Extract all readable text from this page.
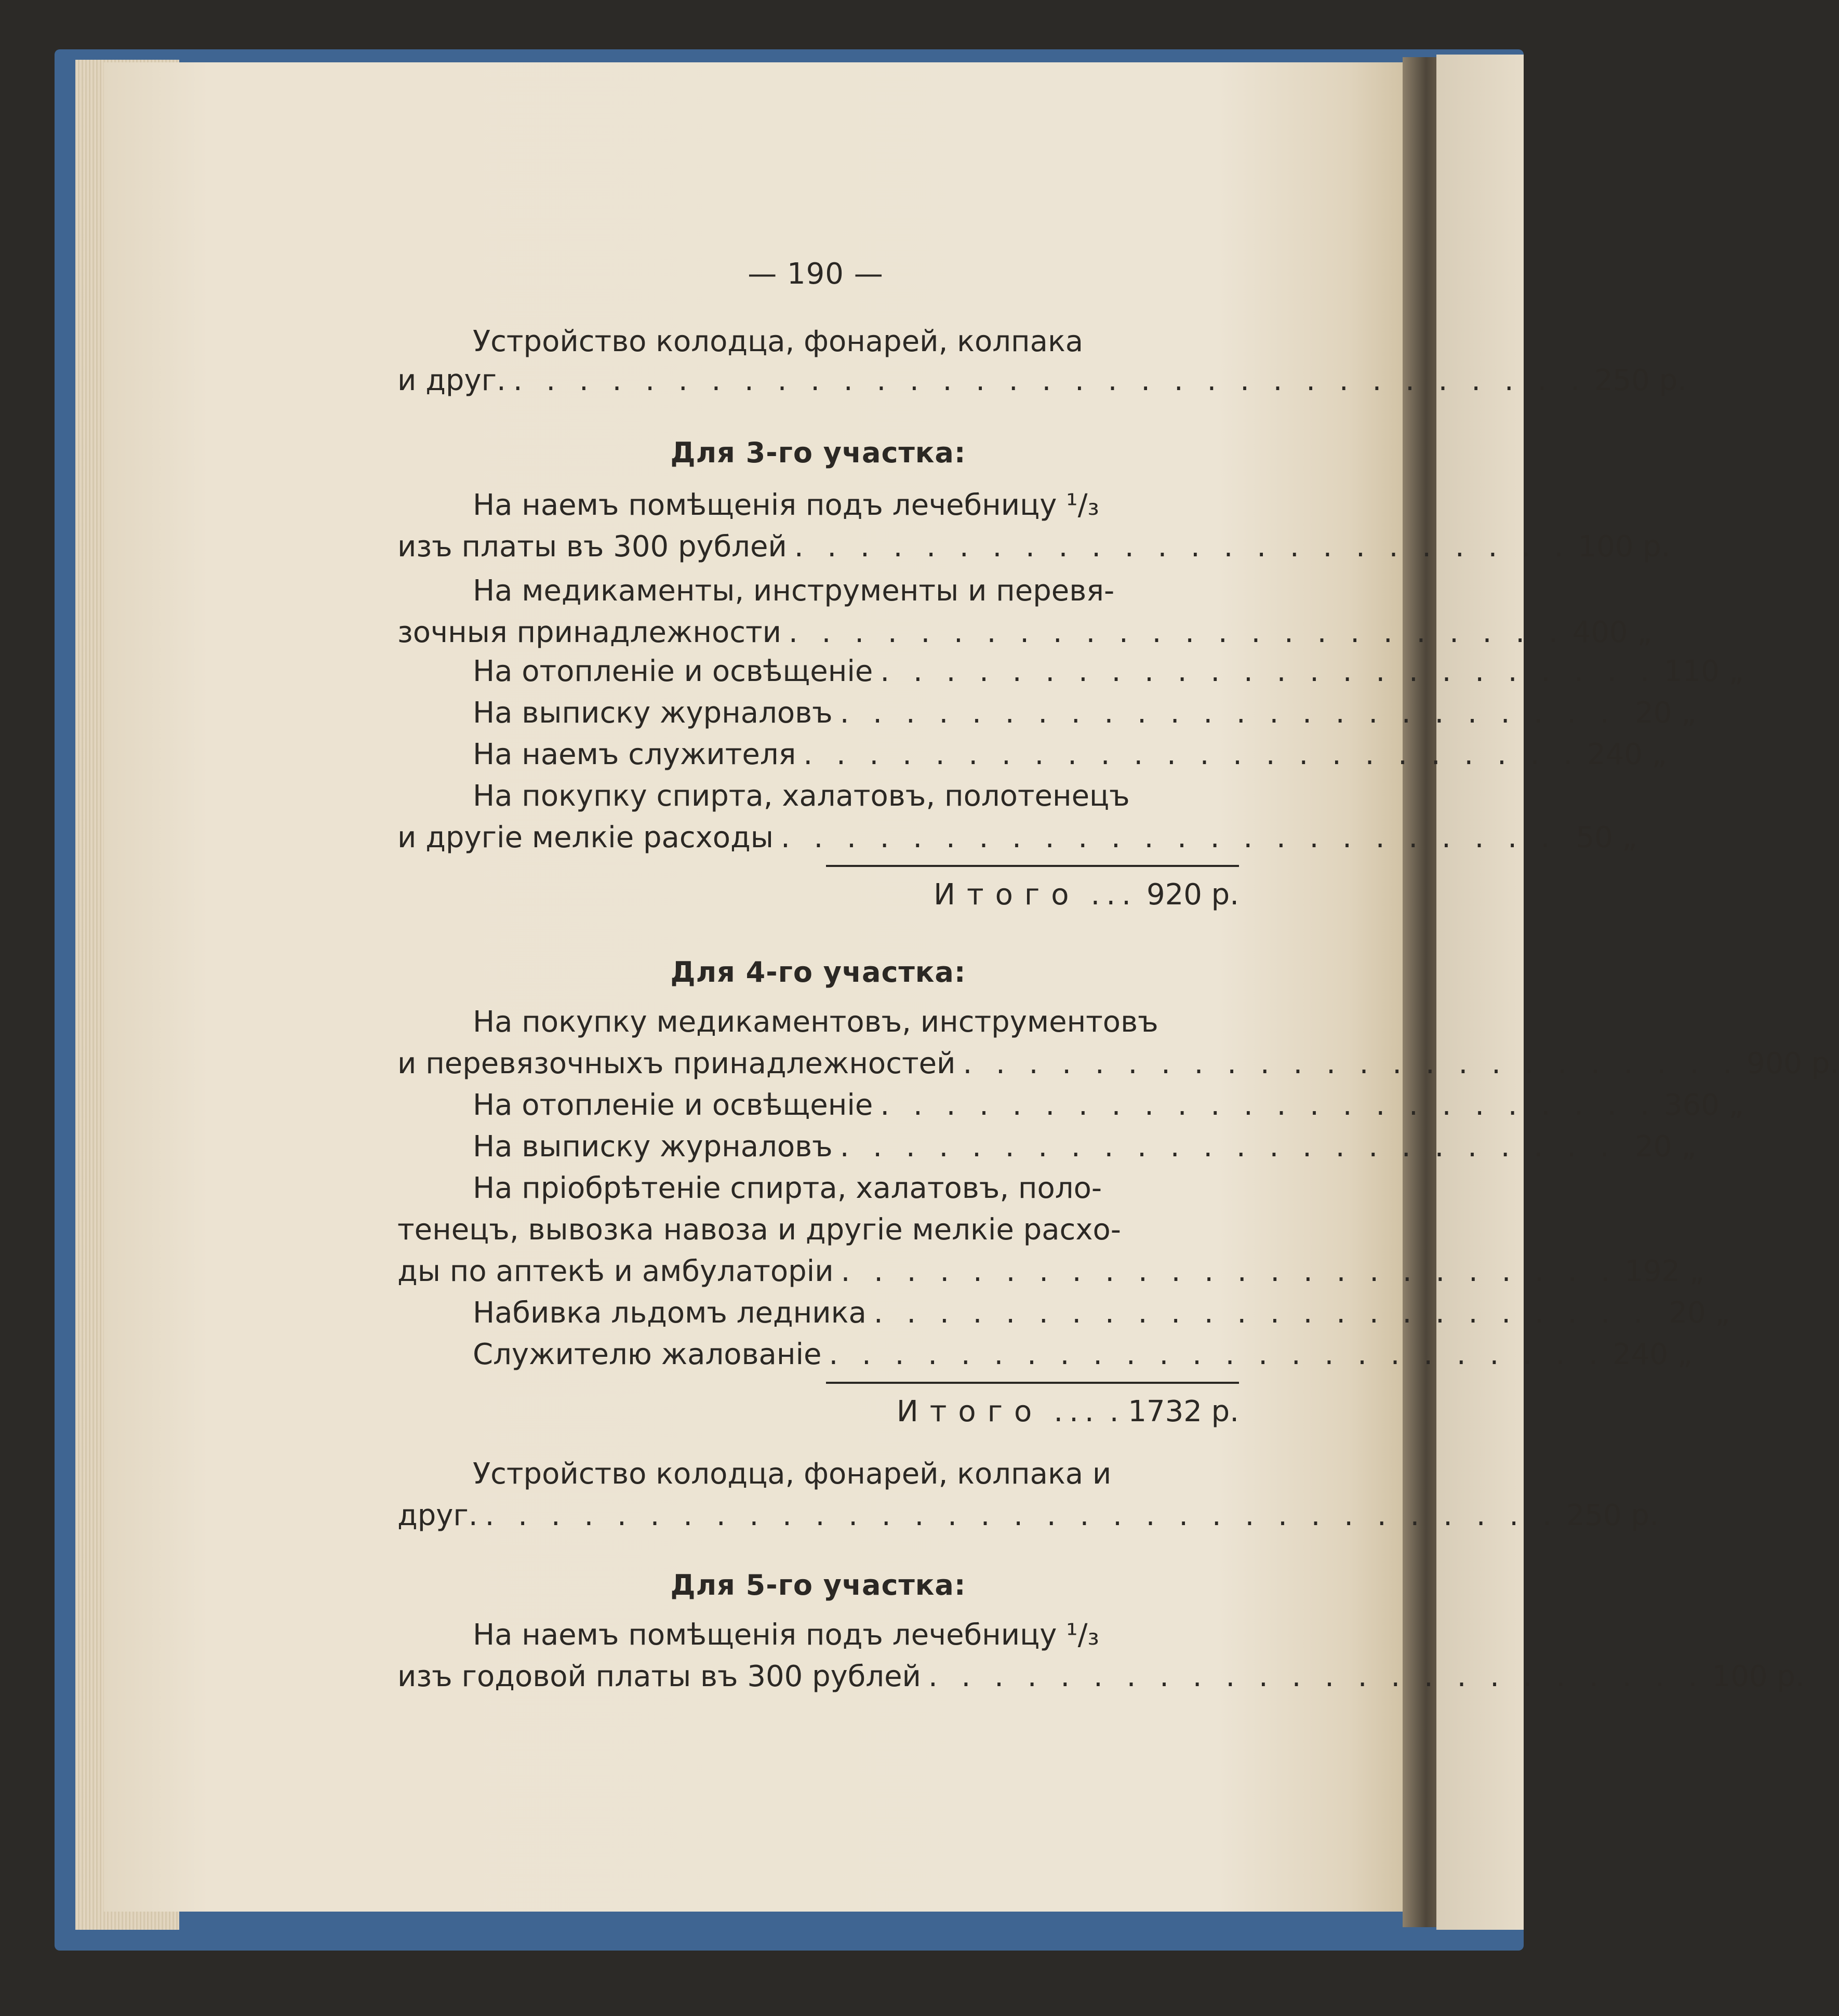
— 190 —
Устройство колодца, фонарей, колпака
и друг. . . . . . . . . . . . . . . . . . . . . . . . . . . . . . . . . . 250 р.
Для 3-го участка:
На наемъ помѣщенія подъ лечебницу ¹/₃
изъ платы въ 300 рублей . . . . . . . . . . . . . . . . . . . . . . . . 100 р.
На медикаменты, инструменты и перевя-
зочныя принадлежности . . . . . . . . . . . . . . . . . . . . . . . . 400 „
На отопленіе и освѣщеніе . . . . . . . . . . . . . . . . . . . . . . . . 110 „
На выписку журналовъ . . . . . . . . . . . . . . . . . . . . . . . . 20 „
На наемъ служителя . . . . . . . . . . . . . . . . . . . . . . . . 240 „
На покупку спирта, халатовъ, полотенецъ
и другіе мелкіе расходы . . . . . . . . . . . . . . . . . . . . . . . . 50 „
Итого ... 920 р.
Для 4-го участка:
На покупку медикаментовъ, инструментовъ
и перевязочныхъ принадлежностей . . . . . . . . . . . . . . . . . . . . . . . . 900 р.
На отопленіе и освѣщеніе . . . . . . . . . . . . . . . . . . . . . . . . 360 „
На выписку журналовъ . . . . . . . . . . . . . . . . . . . . . . . . 20 „
На пріобрѣтеніе спирта, халатовъ, поло-
тенецъ, вывозка навоза и другіе мелкіе расхо-
ды по аптекѣ и амбулаторіи . . . . . . . . . . . . . . . . . . . . . . . . 192 „
Набивка льдомъ ледника . . . . . . . . . . . . . . . . . . . . . . . . 20 „
Служителю жалованіе . . . . . . . . . . . . . . . . . . . . . . . . 240 „
Итого ... . 1732 р.
Устройство колодца, фонарей, колпака и
друг. . . . . . . . . . . . . . . . . . . . . . . . . . . . . . . . . . 250 р.
Для 5-го участка:
На наемъ помѣщенія подъ лечебницу ¹/₃
изъ годовой платы въ 300 рублей . . . . . . . . . . . . . . . . . . . . . . . . 100 р.
